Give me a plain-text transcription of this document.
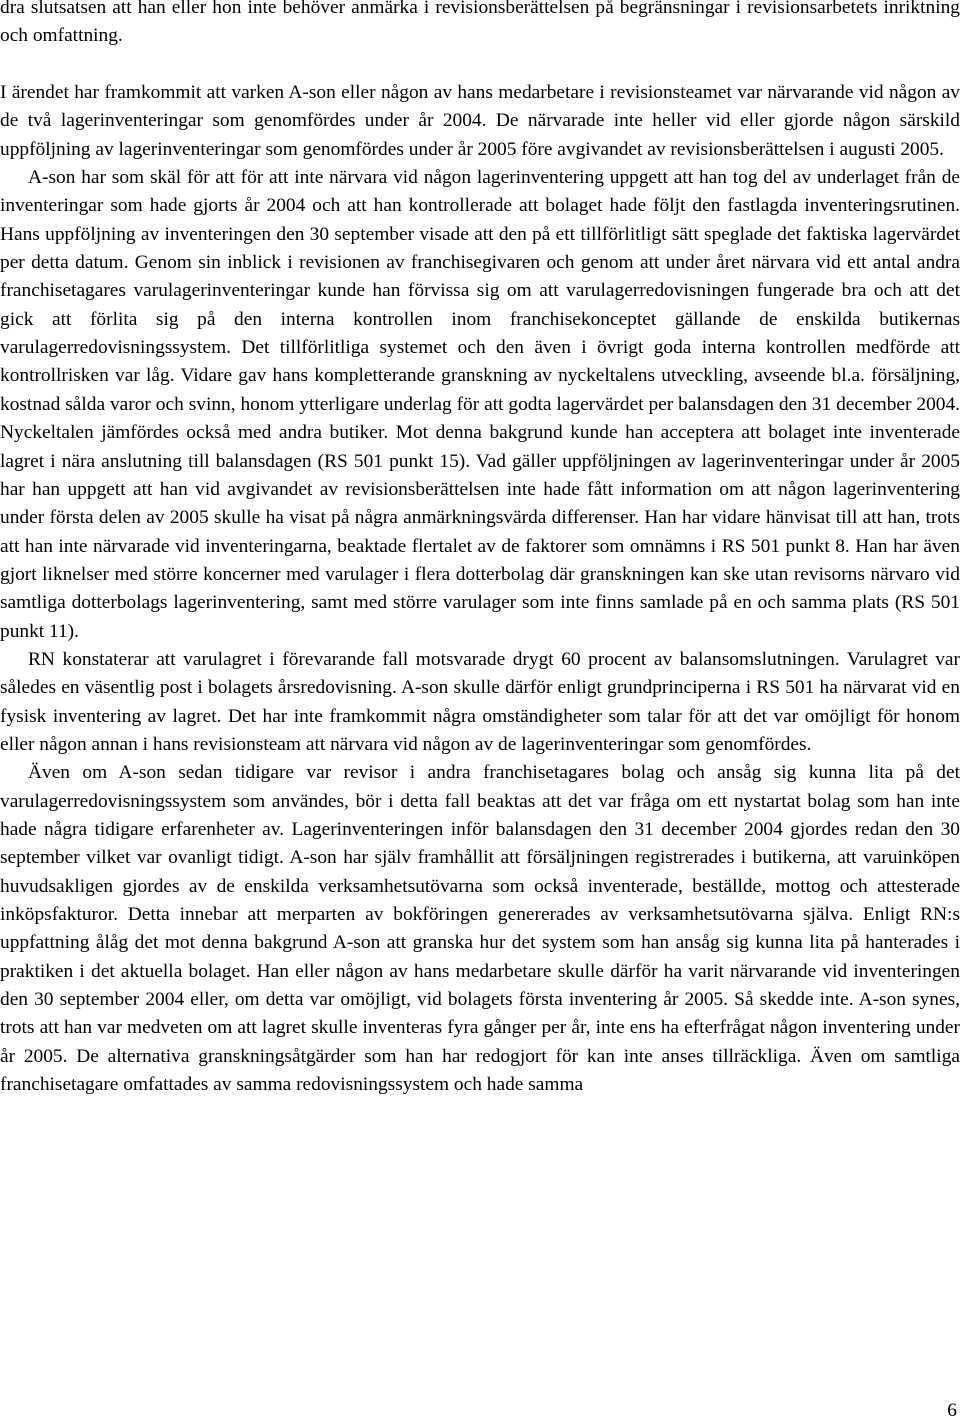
dra slutsatsen att han eller hon inte behöver anmärka i revisionsberättelsen på begränsningar i revisionsarbetets inriktning och omfattning.

I ärendet har framkommit att varken A-son eller någon av hans medarbetare i revisionsteamet var närvarande vid någon av de två lagerinventeringar som genomfördes under år 2004. De närvarade inte heller vid eller gjorde någon särskild uppföljning av lagerinventeringar som genomfördes under år 2005 före avgivandet av revisionsberättelsen i augusti 2005.

A-son har som skäl för att för att inte närvara vid någon lagerinventering uppgett att han tog del av underlaget från de inventeringar som hade gjorts år 2004 och att han kontrollerade att bolaget hade följt den fastlagda inventeringsrutinen. Hans uppföljning av inventeringen den 30 september visade att den på ett tillförlitligt sätt speglade det faktiska lagervärdet per detta datum. Genom sin inblick i revisionen av franchisegivaren och genom att under året närvara vid ett antal andra franchisetagares varulagerinventeringar kunde han förvissa sig om att varulagerredovisningen fungerade bra och att det gick att förlita sig på den interna kontrollen inom franchisekonceptet gällande de enskilda butikernas varulagerredovisningssystem. Det tillförlitliga systemet och den även i övrigt goda interna kontrollen medförde att kontrollrisken var låg. Vidare gav hans kompletterande granskning av nyckeltalens utveckling, avseende bl.a. försäljning, kostnad sålda varor och svinn, honom ytterligare underlag för att godta lagervärdet per balansdagen den 31 december 2004. Nyckeltalen jämfördes också med andra butiker. Mot denna bakgrund kunde han acceptera att bolaget inte inventerade lagret i nära anslutning till balansdagen (RS 501 punkt 15). Vad gäller uppföljningen av lagerinventeringar under år 2005 har han uppgett att han vid avgivandet av revisionsberättelsen inte hade fått information om att någon lagerinventering under första delen av 2005 skulle ha visat på några anmärkningsvärda differenser. Han har vidare hänvisat till att han, trots att han inte närvarade vid inventeringarna, beaktade flertalet av de faktorer som omnämns i RS 501 punkt 8. Han har även gjort liknelser med större koncerner med varulager i flera dotterbolag där granskningen kan ske utan revisorns närvaro vid samtliga dotterbolags lagerinventering, samt med större varulager som inte finns samlade på en och samma plats (RS 501 punkt 11).

RN konstaterar att varulagret i förevarande fall motsvarade drygt 60 procent av balansomslutningen. Varulagret var således en väsentlig post i bolagets årsredovisning. A-son skulle därför enligt grundprinciperna i RS 501 ha närvarat vid en fysisk inventering av lagret. Det har inte framkommit några omständigheter som talar för att det var omöjligt för honom eller någon annan i hans revisionsteam att närvara vid någon av de lagerinventeringar som genomfördes.

Även om A-son sedan tidigare var revisor i andra franchisetagares bolag och ansåg sig kunna lita på det varulagerredovisningssystem som användes, bör i detta fall beaktas att det var fråga om ett nystartat bolag som han inte hade några tidigare erfarenheter av. Lagerinventeringen inför balansdagen den 31 december 2004 gjordes redan den 30 september vilket var ovanligt tidigt. A-son har själv framhållit att försäljningen registrerades i butikerna, att varuinköpen huvudsakligen gjordes av de enskilda verksamhetsutövarna som också inventerade, beställde, mottog och attesterade inköpsfakturor. Detta innebar att merparten av bokföringen genererades av verksamhetsutövarna själva. Enligt RN:s uppfattning ålåg det mot denna bakgrund A-son att granska hur det system som han ansåg sig kunna lita på hanterades i praktiken i det aktuella bolaget. Han eller någon av hans medarbetare skulle därför ha varit närvarande vid inventeringen den 30 september 2004 eller, om detta var omöjligt, vid bolagets första inventering år 2005. Så skedde inte. A-son synes, trots att han var medveten om att lagret skulle inventeras fyra gånger per år, inte ens ha efterfrågat någon inventering under år 2005. De alternativa granskningsåtgärder som han har redogjort för kan inte anses tillräckliga. Även om samtliga franchisetagare omfattades av samma redovisningssystem och hade samma

6
